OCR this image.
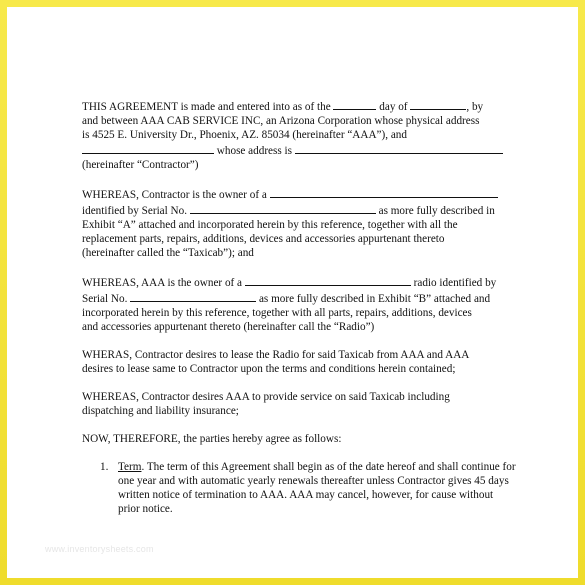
THIS AGREEMENT is made and entered into as of the	day of	, by
and between AAA CAB SERVICE INC, an Arizona Corporation whose physical address
is 4525 E. University Dr., Phoenix, AZ. 85034 (hereinafter “AAA”), and
whose address is
(hereinafter “Contractor”)

WHEREAS, Contractor is the owner of a
identified by Serial No.	as more fully described in
Exhibit “A” attached and incorporated herein by this reference, together with all the
replacement parts, repairs, additions, devices and accessories appurtenant thereto
(hereinafter called the “Taxicab”); and

WHEREAS, AAA is the owner of a	radio identified by
Serial No.	as more fully described in Exhibit “B” attached and
incorporated herein by this reference, together with all parts, repairs, additions, devices
and accessories appurtenant thereto (hereinafter call the “Radio”)

WHERAS, Contractor desires to lease the Radio for said Taxicab from AAA and AAA
desires to lease same to Contractor upon the terms and conditions herein contained;

WHEREAS, Contractor desires AAA to provide service on said Taxicab including
dispatching and liability insurance;

NOW, THEREFORE, the parties hereby agree as follows:

1. Term. The term of this Agreement shall begin as of the date hereof and shall continue for one year and with automatic yearly renewals thereafter unless Contractor gives 45 days written notice of termination to AAA. AAA may cancel, however, for cause without prior notice.
www.inventorysheets.com
